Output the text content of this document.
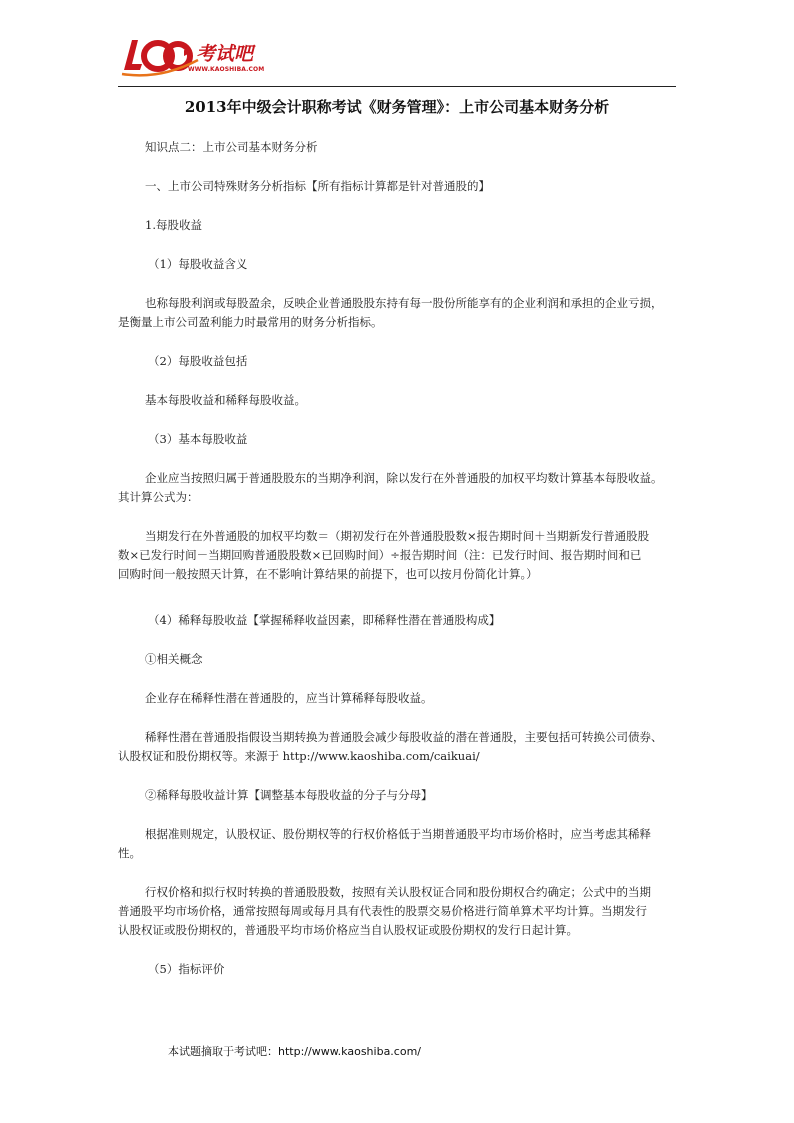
考试吧
WWW.KAOSHIBA.COM
2013年中级会计职称考试《财务管理》：上市公司基本财务分析
知识点二：上市公司基本财务分析
一、上市公司特殊财务分析指标【所有指标计算都是针对普通股的】
1.每股收益
（1）每股收益含义
也称每股利润或每股盈余，反映企业普通股股东持有每一股份所能享有的企业利润和承担的企业亏损，
是衡量上市公司盈利能力时最常用的财务分析指标。
（2）每股收益包括
基本每股收益和稀释每股收益。
（3）基本每股收益
企业应当按照归属于普通股股东的当期净利润，除以发行在外普通股的加权平均数计算基本每股收益。
其计算公式为：
当期发行在外普通股的加权平均数＝（期初发行在外普通股股数×报告期时间＋当期新发行普通股股
数×已发行时间－当期回购普通股股数×已回购时间）÷报告期时间（注：已发行时间、报告期时间和已
回购时间一般按照天计算，在不影响计算结果的前提下，也可以按月份简化计算。）
（4）稀释每股收益【掌握稀释收益因素，即稀释性潜在普通股构成】
①相关概念
企业存在稀释性潜在普通股的，应当计算稀释每股收益。
稀释性潜在普通股指假设当期转换为普通股会减少每股收益的潜在普通股，主要包括可转换公司债券、
认股权证和股份期权等。来源于 http://www.kaoshiba.com/caikuai/
②稀释每股收益计算【调整基本每股收益的分子与分母】
根据准则规定，认股权证、股份期权等的行权价格低于当期普通股平均市场价格时，应当考虑其稀释
性。
行权价格和拟行权时转换的普通股股数，按照有关认股权证合同和股份期权合约确定；公式中的当期
普通股平均市场价格，通常按照每周或每月具有代表性的股票交易价格进行简单算术平均计算。当期发行
认股权证或股份期权的，普通股平均市场价格应当自认股权证或股份期权的发行日起计算。
（5）指标评价
本试题摘取于考试吧：http://www.kaoshiba.com/
